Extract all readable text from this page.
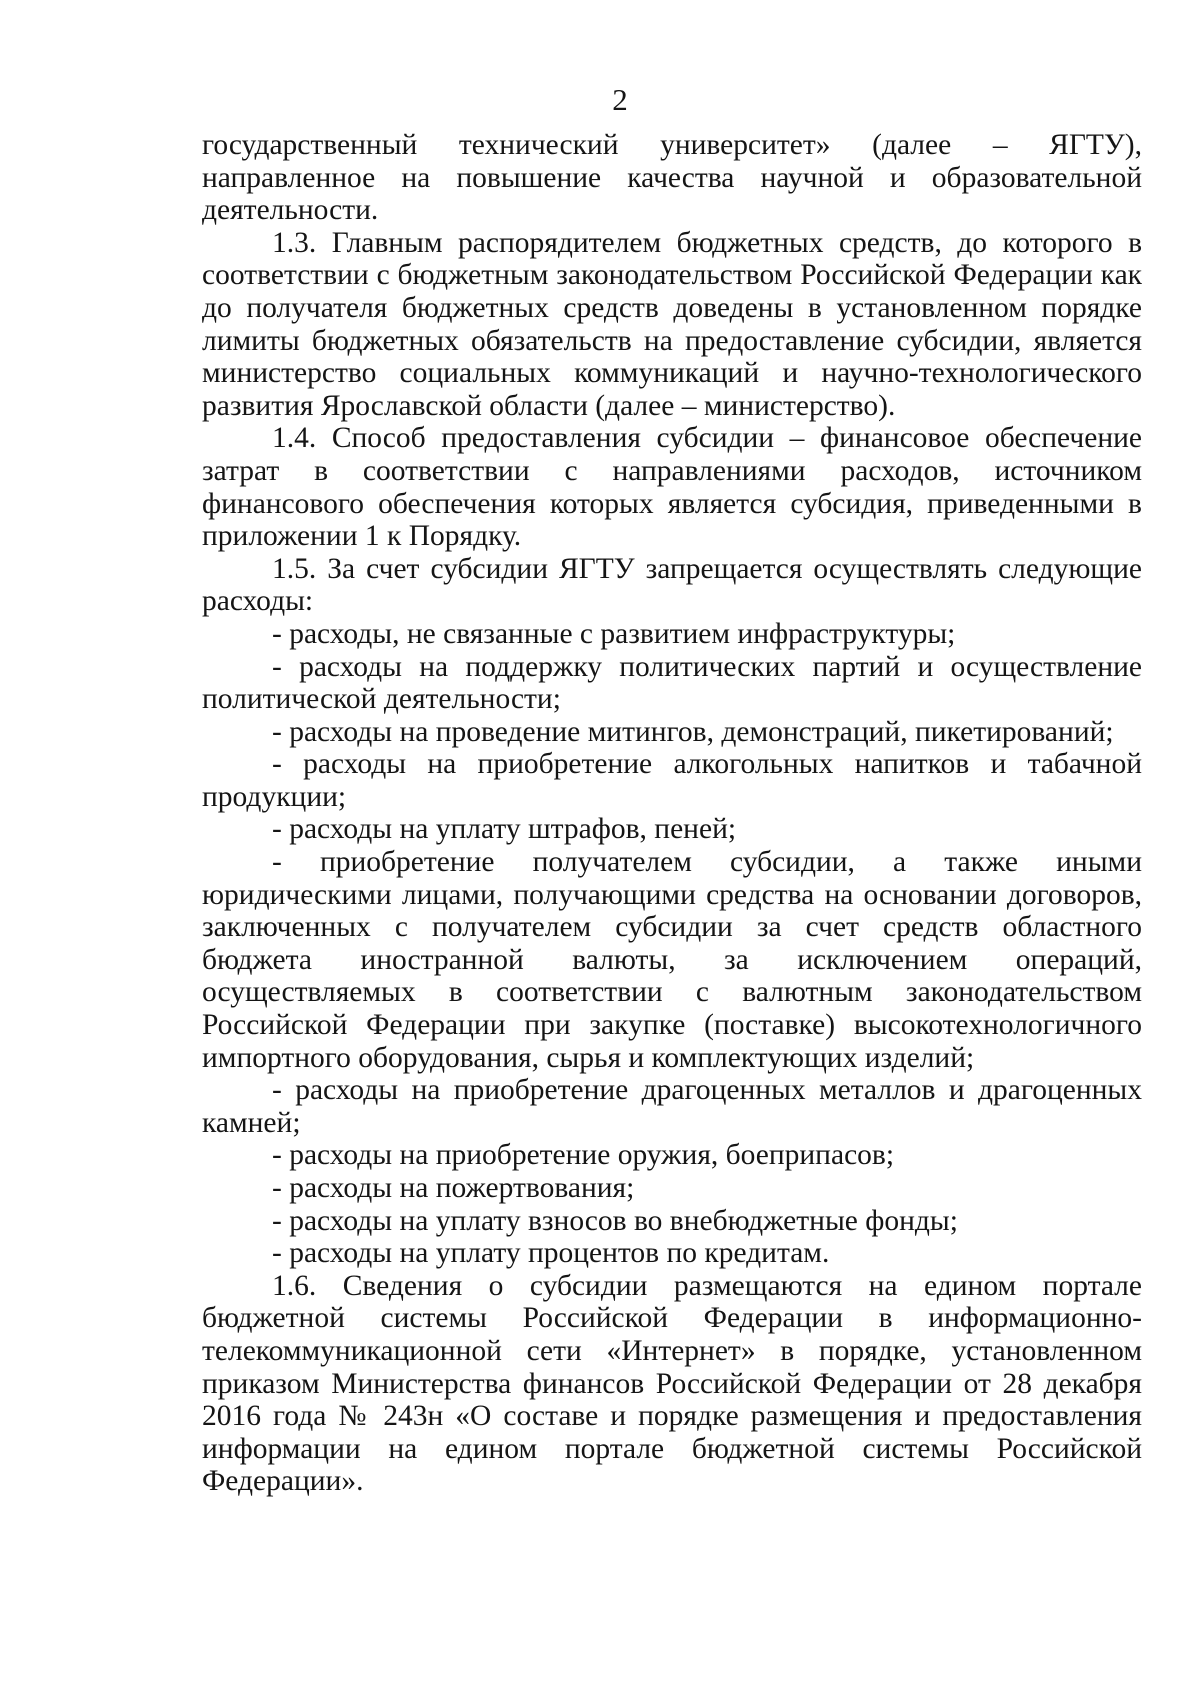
2

государственный технический университет» (далее – ЯГТУ), направленное на повышение качества научной и образовательной деятельности.

1.3. Главным распорядителем бюджетных средств, до которого в соответствии с бюджетным законодательством Российской Федерации как до получателя бюджетных средств доведены в установленном порядке лимиты бюджетных обязательств на предоставление субсидии, является министерство социальных коммуникаций и научно-технологического развития Ярославской области (далее – министерство).

1.4. Способ предоставления субсидии – финансовое обеспечение затрат в соответствии с направлениями расходов, источником финансового обеспечения которых является субсидия, приведенными в приложении 1 к Порядку.

1.5. За счет субсидии ЯГТУ запрещается осуществлять следующие расходы:

- расходы, не связанные с развитием инфраструктуры;

- расходы на поддержку политических партий и осуществление политической деятельности;

- расходы на проведение митингов, демонстраций, пикетирований;

- расходы на приобретение алкогольных напитков и табачной продукции;

- расходы на уплату штрафов, пеней;

- приобретение получателем субсидии, а также иными юридическими лицами, получающими средства на основании договоров, заключенных с получателем субсидии за счет средств областного бюджета иностранной валюты, за исключением операций, осуществляемых в соответствии с валютным законодательством Российской Федерации при закупке (поставке) высокотехнологичного импортного оборудования, сырья и комплектующих изделий;

- расходы на приобретение драгоценных металлов и драгоценных камней;

- расходы на приобретение оружия, боеприпасов;

- расходы на пожертвования;

- расходы на уплату взносов во внебюджетные фонды;

- расходы на уплату процентов по кредитам.

1.6. Сведения о субсидии размещаются на едином портале бюджетной системы Российской Федерации в информационно-телекоммуникационной сети «Интернет» в порядке, установленном приказом Министерства финансов Российской Федерации от 28 декабря 2016 года № 243н «О составе и порядке размещения и предоставления информации на едином портале бюджетной системы Российской Федерации».
